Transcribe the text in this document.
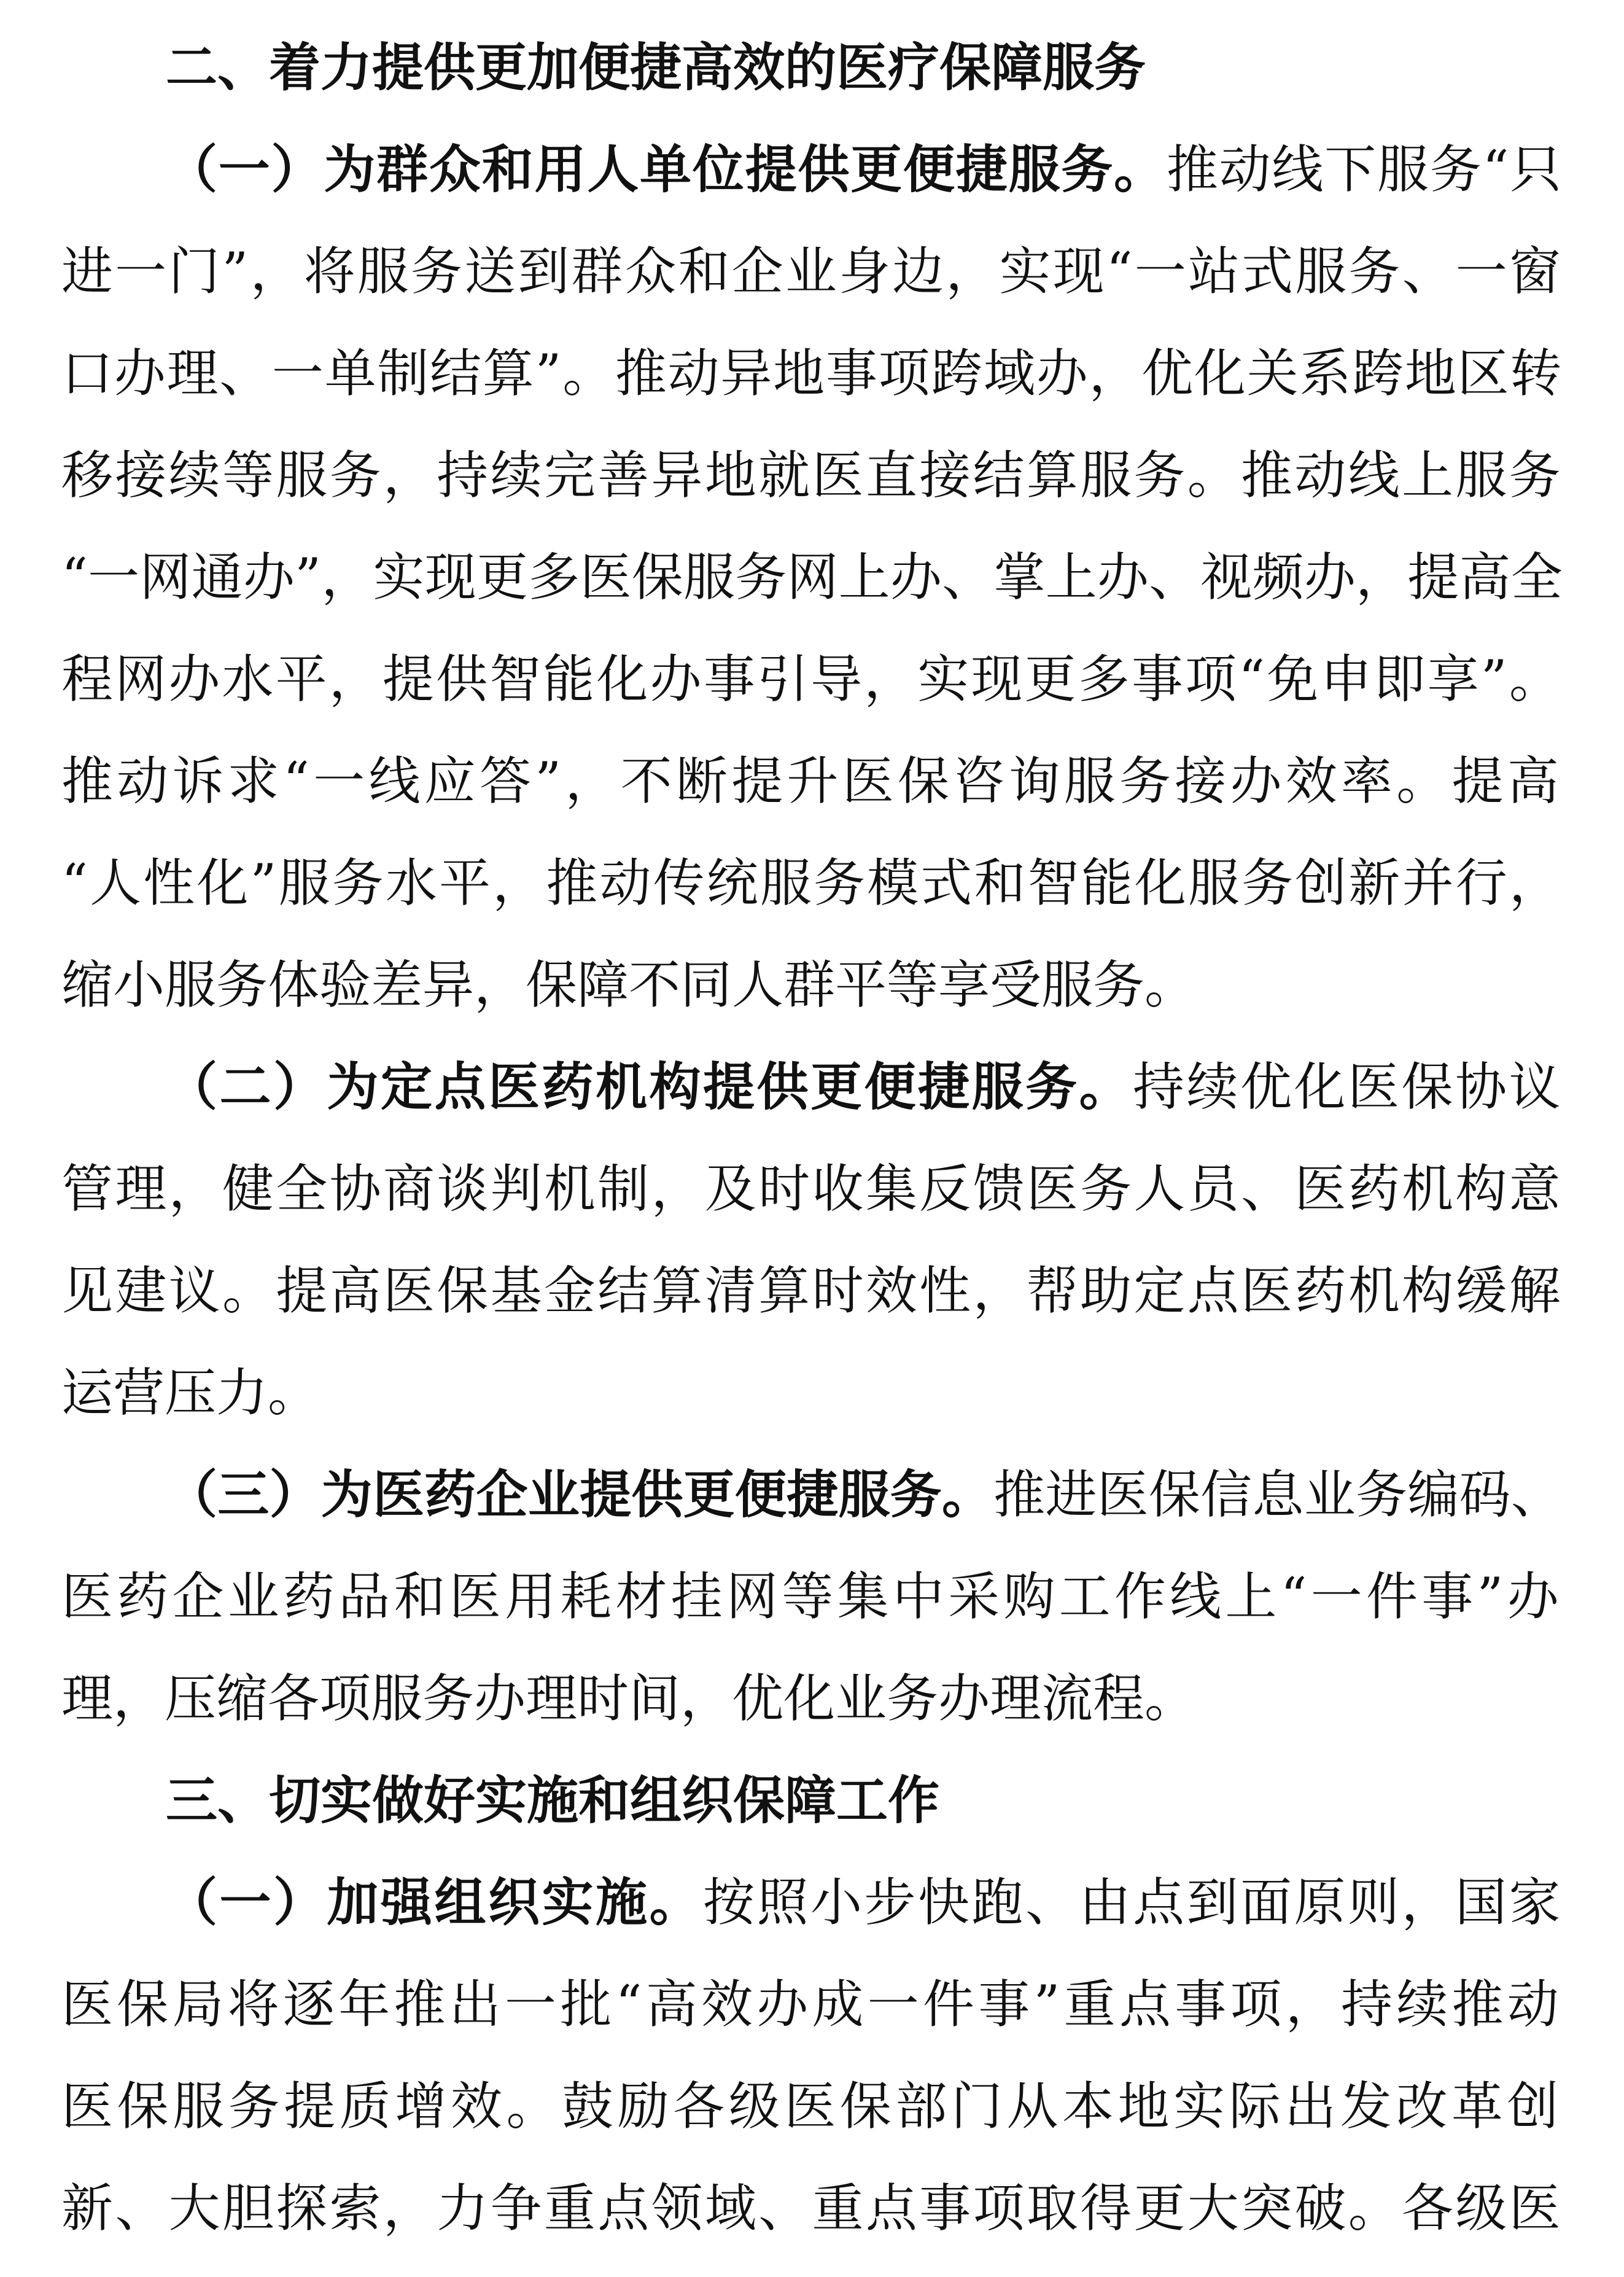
二、着力提供更加便捷高效的医疗保障服务
（一）为群众和用人单位提供更便捷服务。推动线下服务“只
进一门”，将服务送到群众和企业身边，实现“一站式服务、一窗
口办理、一单制结算”。推动异地事项跨域办，优化关系跨地区转
移接续等服务，持续完善异地就医直接结算服务。推动线上服务
“一网通办”，实现更多医保服务网上办、掌上办、视频办，提高全
程网办水平，提供智能化办事引导，实现更多事项“免申即享”。
推动诉求“一线应答”，不断提升医保咨询服务接办效率。提高
“人性化”服务水平，推动传统服务模式和智能化服务创新并行，
缩小服务体验差异，保障不同人群平等享受服务。
（二）为定点医药机构提供更便捷服务。持续优化医保协议
管理，健全协商谈判机制，及时收集反馈医务人员、医药机构意
见建议。提高医保基金结算清算时效性，帮助定点医药机构缓解
运营压力。
（三）为医药企业提供更便捷服务。推进医保信息业务编码、
医药企业药品和医用耗材挂网等集中采购工作线上“一件事”办
理，压缩各项服务办理时间，优化业务办理流程。
三、切实做好实施和组织保障工作
（一）加强组织实施。按照小步快跑、由点到面原则，国家
医保局将逐年推出一批“高效办成一件事”重点事项，持续推动
医保服务提质增效。鼓励各级医保部门从本地实际出发改革创
新、大胆探索，力争重点领域、重点事项取得更大突破。各级医
